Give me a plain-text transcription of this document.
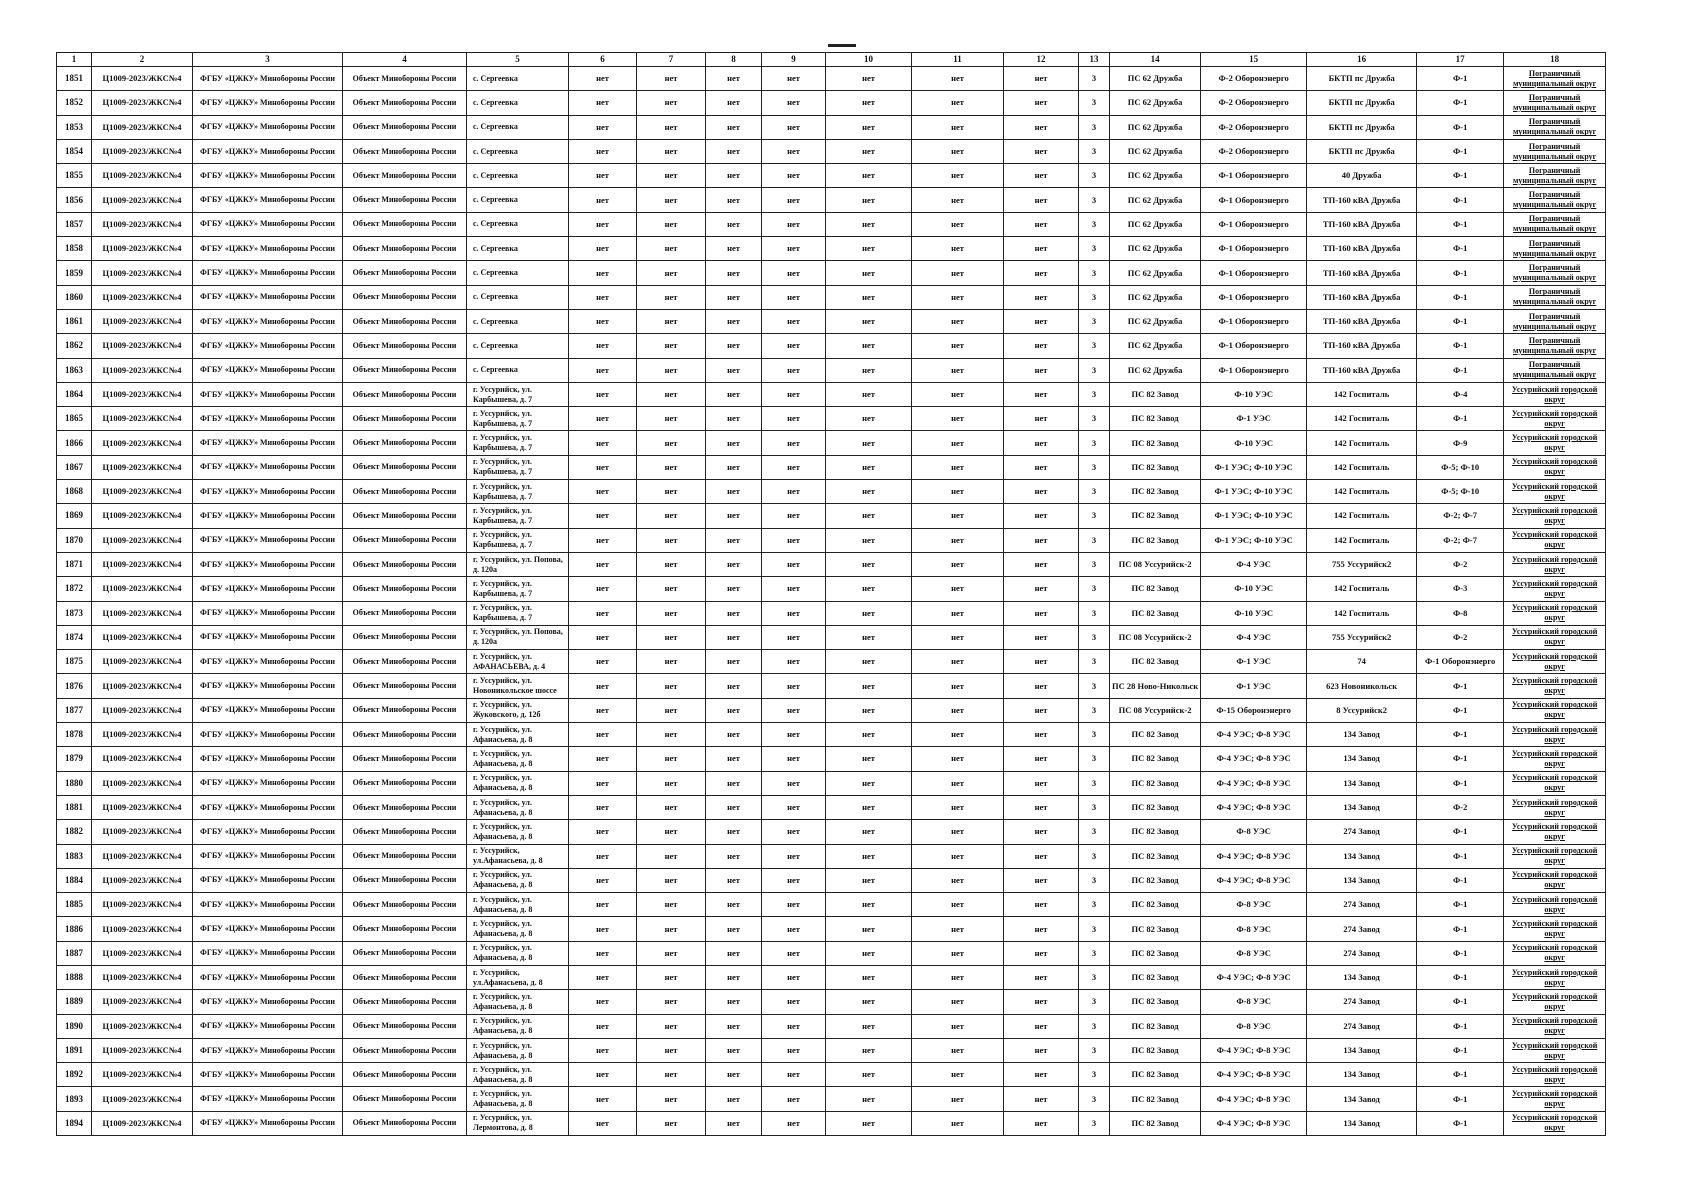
1	2	3	4	5	6	7	8	9	10	11	12	13	14	15	16	17	18
1851	Ц1009-2023/ЖКС№4	ФГБУ «ЦЖКУ» Минобороны России	Объект Минобороны России	с. Сергеевка	нет	нет	нет	нет	нет	нет	нет	3	ПС 62 Дружба	Ф-2 Оборонэнерго	БКТП пс Дружба	Ф-1	Пограничный муниципальный округ
1852	Ц1009-2023/ЖКС№4	ФГБУ «ЦЖКУ» Минобороны России	Объект Минобороны России	с. Сергеевка	нет	нет	нет	нет	нет	нет	нет	3	ПС 62 Дружба	Ф-2 Оборонэнерго	БКТП пс Дружба	Ф-1	Пограничный муниципальный округ
1853	Ц1009-2023/ЖКС№4	ФГБУ «ЦЖКУ» Минобороны России	Объект Минобороны России	с. Сергеевка	нет	нет	нет	нет	нет	нет	нет	3	ПС 62 Дружба	Ф-2 Оборонэнерго	БКТП пс Дружба	Ф-1	Пограничный муниципальный округ
1854	Ц1009-2023/ЖКС№4	ФГБУ «ЦЖКУ» Минобороны России	Объект Минобороны России	с. Сергеевка	нет	нет	нет	нет	нет	нет	нет	3	ПС 62 Дружба	Ф-2 Оборонэнерго	БКТП пс Дружба	Ф-1	Пограничный муниципальный округ
1855	Ц1009-2023/ЖКС№4	ФГБУ «ЦЖКУ» Минобороны России	Объект Минобороны России	с. Сергеевка	нет	нет	нет	нет	нет	нет	нет	3	ПС 62 Дружба	Ф-1 Оборонэнерго	40 Дружба	Ф-1	Пограничный муниципальный округ
1856	Ц1009-2023/ЖКС№4	ФГБУ «ЦЖКУ» Минобороны России	Объект Минобороны России	с. Сергеевка	нет	нет	нет	нет	нет	нет	нет	3	ПС 62 Дружба	Ф-1 Оборонэнерго	ТП-160 кВА Дружба	Ф-1	Пограничный муниципальный округ
1857	Ц1009-2023/ЖКС№4	ФГБУ «ЦЖКУ» Минобороны России	Объект Минобороны России	с. Сергеевка	нет	нет	нет	нет	нет	нет	нет	3	ПС 62 Дружба	Ф-1 Оборонэнерго	ТП-160 кВА Дружба	Ф-1	Пограничный муниципальный округ
1858	Ц1009-2023/ЖКС№4	ФГБУ «ЦЖКУ» Минобороны России	Объект Минобороны России	с. Сергеевка	нет	нет	нет	нет	нет	нет	нет	3	ПС 62 Дружба	Ф-1 Оборонэнерго	ТП-160 кВА Дружба	Ф-1	Пограничный муниципальный округ
1859	Ц1009-2023/ЖКС№4	ФГБУ «ЦЖКУ» Минобороны России	Объект Минобороны России	с. Сергеевка	нет	нет	нет	нет	нет	нет	нет	3	ПС 62 Дружба	Ф-1 Оборонэнерго	ТП-160 кВА Дружба	Ф-1	Пограничный муниципальный округ
1860	Ц1009-2023/ЖКС№4	ФГБУ «ЦЖКУ» Минобороны России	Объект Минобороны России	с. Сергеевка	нет	нет	нет	нет	нет	нет	нет	3	ПС 62 Дружба	Ф-1 Оборонэнерго	ТП-160 кВА Дружба	Ф-1	Пограничный муниципальный округ
1861	Ц1009-2023/ЖКС№4	ФГБУ «ЦЖКУ» Минобороны России	Объект Минобороны России	с. Сергеевка	нет	нет	нет	нет	нет	нет	нет	3	ПС 62 Дружба	Ф-1 Оборонэнерго	ТП-160 кВА Дружба	Ф-1	Пограничный муниципальный округ
1862	Ц1009-2023/ЖКС№4	ФГБУ «ЦЖКУ» Минобороны России	Объект Минобороны России	с. Сергеевка	нет	нет	нет	нет	нет	нет	нет	3	ПС 62 Дружба	Ф-1 Оборонэнерго	ТП-160 кВА Дружба	Ф-1	Пограничный муниципальный округ
1863	Ц1009-2023/ЖКС№4	ФГБУ «ЦЖКУ» Минобороны России	Объект Минобороны России	с. Сергеевка	нет	нет	нет	нет	нет	нет	нет	3	ПС 62 Дружба	Ф-1 Оборонэнерго	ТП-160 кВА Дружба	Ф-1	Пограничный муниципальный округ
1864	Ц1009-2023/ЖКС№4	ФГБУ «ЦЖКУ» Минобороны России	Объект Минобороны России	г. Уссурийск, ул. Карбышева, д. 7	нет	нет	нет	нет	нет	нет	нет	3	ПС 82 Завод	Ф-10 УЭС	142 Госпиталь	Ф-4	Уссурийский городской округ
1865	Ц1009-2023/ЖКС№4	ФГБУ «ЦЖКУ» Минобороны России	Объект Минобороны России	г. Уссурийск, ул. Карбышева, д. 7	нет	нет	нет	нет	нет	нет	нет	3	ПС 82 Завод	Ф-1 УЭС	142 Госпиталь	Ф-1	Уссурийский городской округ
1866	Ц1009-2023/ЖКС№4	ФГБУ «ЦЖКУ» Минобороны России	Объект Минобороны России	г. Уссурийск, ул. Карбышева, д. 7	нет	нет	нет	нет	нет	нет	нет	3	ПС 82 Завод	Ф-10 УЭС	142 Госпиталь	Ф-9	Уссурийский городской округ
1867	Ц1009-2023/ЖКС№4	ФГБУ «ЦЖКУ» Минобороны России	Объект Минобороны России	г. Уссурийск, ул. Карбышева, д. 7	нет	нет	нет	нет	нет	нет	нет	3	ПС 82 Завод	Ф-1 УЭС; Ф-10 УЭС	142 Госпиталь	Ф-5; Ф-10	Уссурийский городской округ
1868	Ц1009-2023/ЖКС№4	ФГБУ «ЦЖКУ» Минобороны России	Объект Минобороны России	г. Уссурийск, ул. Карбышева, д. 7	нет	нет	нет	нет	нет	нет	нет	3	ПС 82 Завод	Ф-1 УЭС; Ф-10 УЭС	142 Госпиталь	Ф-5; Ф-10	Уссурийский городской округ
1869	Ц1009-2023/ЖКС№4	ФГБУ «ЦЖКУ» Минобороны России	Объект Минобороны России	г. Уссурийск, ул. Карбышева, д. 7	нет	нет	нет	нет	нет	нет	нет	3	ПС 82 Завод	Ф-1 УЭС; Ф-10 УЭС	142 Госпиталь	Ф-2; Ф-7	Уссурийский городской округ
1870	Ц1009-2023/ЖКС№4	ФГБУ «ЦЖКУ» Минобороны России	Объект Минобороны России	г. Уссурийск, ул. Карбышева, д. 7	нет	нет	нет	нет	нет	нет	нет	3	ПС 82 Завод	Ф-1 УЭС; Ф-10 УЭС	142 Госпиталь	Ф-2; Ф-7	Уссурийский городской округ
1871	Ц1009-2023/ЖКС№4	ФГБУ «ЦЖКУ» Минобороны России	Объект Минобороны России	г. Уссурийск, ул. Попова, д. 120а	нет	нет	нет	нет	нет	нет	нет	3	ПС 08 Уссурийск-2	Ф-4 УЭС	755 Уссурийск2	Ф-2	Уссурийский городской округ
1872	Ц1009-2023/ЖКС№4	ФГБУ «ЦЖКУ» Минобороны России	Объект Минобороны России	г. Уссурийск, ул. Карбышева, д. 7	нет	нет	нет	нет	нет	нет	нет	3	ПС 82 Завод	Ф-10 УЭС	142 Госпиталь	Ф-3	Уссурийский городской округ
1873	Ц1009-2023/ЖКС№4	ФГБУ «ЦЖКУ» Минобороны России	Объект Минобороны России	г. Уссурийск, ул. Карбышева, д. 7	нет	нет	нет	нет	нет	нет	нет	3	ПС 82 Завод	Ф-10 УЭС	142 Госпиталь	Ф-8	Уссурийский городской округ
1874	Ц1009-2023/ЖКС№4	ФГБУ «ЦЖКУ» Минобороны России	Объект Минобороны России	г. Уссурийск, ул. Попова, д. 120а	нет	нет	нет	нет	нет	нет	нет	3	ПС 08 Уссурийск-2	Ф-4 УЭС	755 Уссурийск2	Ф-2	Уссурийский городской округ
1875	Ц1009-2023/ЖКС№4	ФГБУ «ЦЖКУ» Минобороны России	Объект Минобороны России	г. Уссурийск, ул. АФАНАСЬЕВА, д. 4	нет	нет	нет	нет	нет	нет	нет	3	ПС 82 Завод	Ф-1 УЭС	74	Ф-1 Оборонэнерго	Уссурийский городской округ
1876	Ц1009-2023/ЖКС№4	ФГБУ «ЦЖКУ» Минобороны России	Объект Минобороны России	г. Уссурийск, ул. Новоникольское шоссе	нет	нет	нет	нет	нет	нет	нет	3	ПС 28 Ново-Никольск	Ф-1 УЭС	623 Новоникольск	Ф-1	Уссурийский городской округ
1877	Ц1009-2023/ЖКС№4	ФГБУ «ЦЖКУ» Минобороны России	Объект Минобороны России	г. Уссурийск, ул. Жуковского, д. 12б	нет	нет	нет	нет	нет	нет	нет	3	ПС 08 Уссурийск-2	Ф-15 Оборонэнерго	8 Уссурийск2	Ф-1	Уссурийский городской округ
1878	Ц1009-2023/ЖКС№4	ФГБУ «ЦЖКУ» Минобороны России	Объект Минобороны России	г. Уссурийск, ул. Афанасьева, д. 8	нет	нет	нет	нет	нет	нет	нет	3	ПС 82 Завод	Ф-4 УЭС; Ф-8 УЭС	134 Завод	Ф-1	Уссурийский городской округ
1879	Ц1009-2023/ЖКС№4	ФГБУ «ЦЖКУ» Минобороны России	Объект Минобороны России	г. Уссурийск, ул. Афанасьева, д. 8	нет	нет	нет	нет	нет	нет	нет	3	ПС 82 Завод	Ф-4 УЭС; Ф-8 УЭС	134 Завод	Ф-1	Уссурийский городской округ
1880	Ц1009-2023/ЖКС№4	ФГБУ «ЦЖКУ» Минобороны России	Объект Минобороны России	г. Уссурийск, ул. Афанасьева, д. 8	нет	нет	нет	нет	нет	нет	нет	3	ПС 82 Завод	Ф-4 УЭС; Ф-8 УЭС	134 Завод	Ф-1	Уссурийский городской округ
1881	Ц1009-2023/ЖКС№4	ФГБУ «ЦЖКУ» Минобороны России	Объект Минобороны России	г. Уссурийск, ул. Афанасьева, д. 8	нет	нет	нет	нет	нет	нет	нет	3	ПС 82 Завод	Ф-4 УЭС; Ф-8 УЭС	134 Завод	Ф-2	Уссурийский городской округ
1882	Ц1009-2023/ЖКС№4	ФГБУ «ЦЖКУ» Минобороны России	Объект Минобороны России	г. Уссурийск, ул. Афанасьева, д. 8	нет	нет	нет	нет	нет	нет	нет	3	ПС 82 Завод	Ф-8 УЭС	274 Завод	Ф-1	Уссурийский городской округ
1883	Ц1009-2023/ЖКС№4	ФГБУ «ЦЖКУ» Минобороны России	Объект Минобороны России	г. Уссурийск, ул.Афанасьева, д. 8	нет	нет	нет	нет	нет	нет	нет	3	ПС 82 Завод	Ф-4 УЭС; Ф-8 УЭС	134 Завод	Ф-1	Уссурийский городской округ
1884	Ц1009-2023/ЖКС№4	ФГБУ «ЦЖКУ» Минобороны России	Объект Минобороны России	г. Уссурийск, ул. Афанасьева, д. 8	нет	нет	нет	нет	нет	нет	нет	3	ПС 82 Завод	Ф-4 УЭС; Ф-8 УЭС	134 Завод	Ф-1	Уссурийский городской округ
1885	Ц1009-2023/ЖКС№4	ФГБУ «ЦЖКУ» Минобороны России	Объект Минобороны России	г. Уссурийск, ул. Афанасьева, д. 8	нет	нет	нет	нет	нет	нет	нет	3	ПС 82 Завод	Ф-8 УЭС	274 Завод	Ф-1	Уссурийский городской округ
1886	Ц1009-2023/ЖКС№4	ФГБУ «ЦЖКУ» Минобороны России	Объект Минобороны России	г. Уссурийск, ул. Афанасьева, д. 8	нет	нет	нет	нет	нет	нет	нет	3	ПС 82 Завод	Ф-8 УЭС	274 Завод	Ф-1	Уссурийский городской округ
1887	Ц1009-2023/ЖКС№4	ФГБУ «ЦЖКУ» Минобороны России	Объект Минобороны России	г. Уссурийск, ул. Афанасьева, д. 8	нет	нет	нет	нет	нет	нет	нет	3	ПС 82 Завод	Ф-8 УЭС	274 Завод	Ф-1	Уссурийский городской округ
1888	Ц1009-2023/ЖКС№4	ФГБУ «ЦЖКУ» Минобороны России	Объект Минобороны России	г. Уссурийск, ул.Афанасьева, д. 8	нет	нет	нет	нет	нет	нет	нет	3	ПС 82 Завод	Ф-4 УЭС; Ф-8 УЭС	134 Завод	Ф-1	Уссурийский городской округ
1889	Ц1009-2023/ЖКС№4	ФГБУ «ЦЖКУ» Минобороны России	Объект Минобороны России	г. Уссурийск, ул. Афанасьева, д. 8	нет	нет	нет	нет	нет	нет	нет	3	ПС 82 Завод	Ф-8 УЭС	274 Завод	Ф-1	Уссурийский городской округ
1890	Ц1009-2023/ЖКС№4	ФГБУ «ЦЖКУ» Минобороны России	Объект Минобороны России	г. Уссурийск, ул. Афанасьева, д. 8	нет	нет	нет	нет	нет	нет	нет	3	ПС 82 Завод	Ф-8 УЭС	274 Завод	Ф-1	Уссурийский городской округ
1891	Ц1009-2023/ЖКС№4	ФГБУ «ЦЖКУ» Минобороны России	Объект Минобороны России	г. Уссурийск, ул. Афанасьева, д. 8	нет	нет	нет	нет	нет	нет	нет	3	ПС 82 Завод	Ф-4 УЭС; Ф-8 УЭС	134 Завод	Ф-1	Уссурийский городской округ
1892	Ц1009-2023/ЖКС№4	ФГБУ «ЦЖКУ» Минобороны России	Объект Минобороны России	г. Уссурийск, ул. Афанасьева, д. 8	нет	нет	нет	нет	нет	нет	нет	3	ПС 82 Завод	Ф-4 УЭС; Ф-8 УЭС	134 Завод	Ф-1	Уссурийский городской округ
1893	Ц1009-2023/ЖКС№4	ФГБУ «ЦЖКУ» Минобороны России	Объект Минобороны России	г. Уссурийск, ул. Афанасьева, д. 8	нет	нет	нет	нет	нет	нет	нет	3	ПС 82 Завод	Ф-4 УЭС; Ф-8 УЭС	134 Завод	Ф-1	Уссурийский городской округ
1894	Ц1009-2023/ЖКС№4	ФГБУ «ЦЖКУ» Минобороны России	Объект Минобороны России	г. Уссурийск, ул. Лермонтова, д. 8	нет	нет	нет	нет	нет	нет	нет	3	ПС 82 Завод	Ф-4 УЭС; Ф-8 УЭС	134 Завод	Ф-1	Уссурийский городской округ
